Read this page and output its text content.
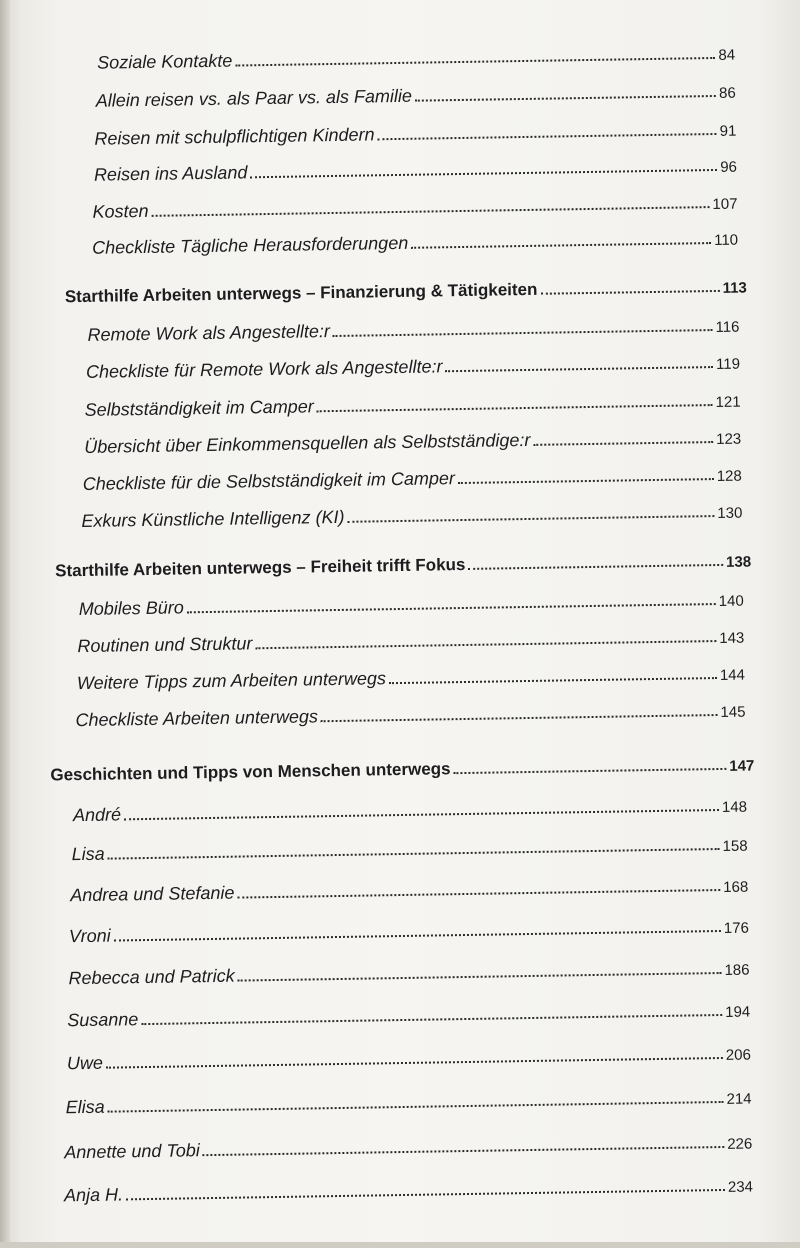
Soziale Kontakte	84
Allein reisen vs. als Paar vs. als Familie	86
Reisen mit schulpflichtigen Kindern	91
Reisen ins Ausland	96
Kosten	107
Checkliste Tägliche Herausforderungen	110
Starthilfe Arbeiten unterwegs – Finanzierung & Tätigkeiten	113
Remote Work als Angestellte:r	116
Checkliste für Remote Work als Angestellte:r	119
Selbstständigkeit im Camper	121
Übersicht über Einkommensquellen als Selbstständige:r	123
Checkliste für die Selbstständigkeit im Camper	128
Exkurs Künstliche Intelligenz (KI)	130
Starthilfe Arbeiten unterwegs – Freiheit trifft Fokus	138
Mobiles Büro	140
Routinen und Struktur	143
Weitere Tipps zum Arbeiten unterwegs	144
Checkliste Arbeiten unterwegs	145
Geschichten und Tipps von Menschen unterwegs	147
André	148
Lisa	158
Andrea und Stefanie	168
Vroni	176
Rebecca und Patrick	186
Susanne	194
Uwe	206
Elisa	214
Annette und Tobi	226
Anja H.	234
